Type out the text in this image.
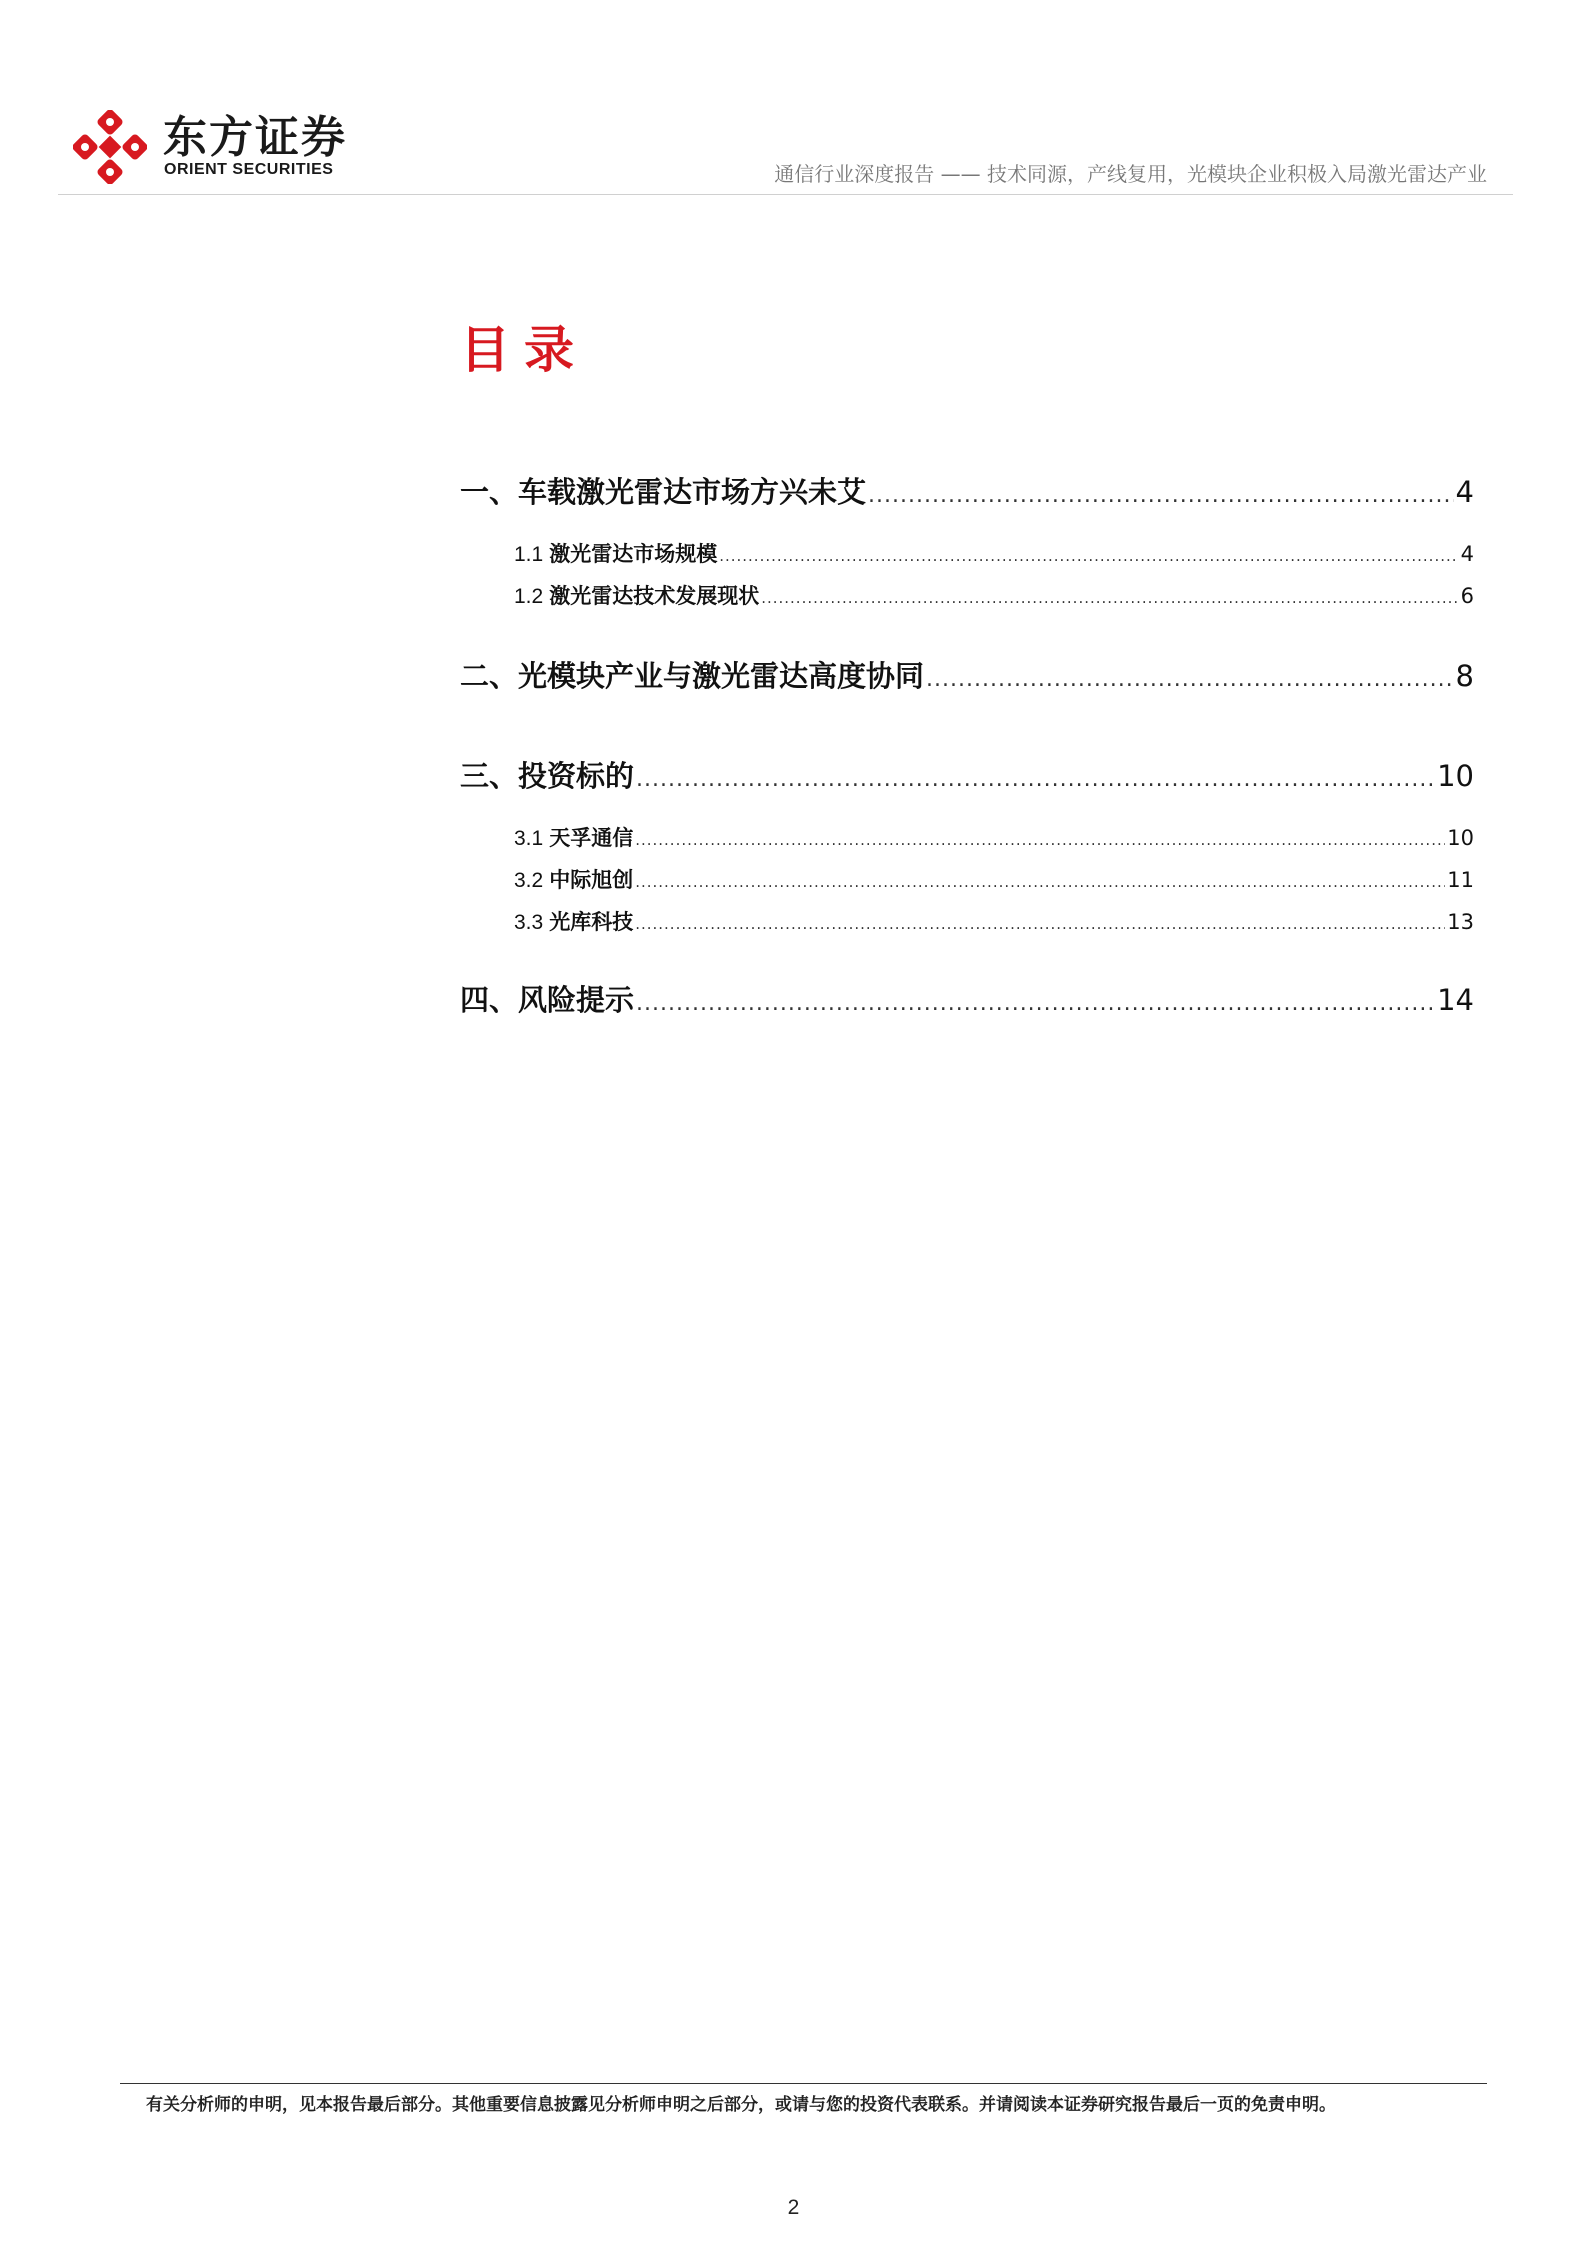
东方证券
ORIENT SECURITIES	通信行业深度报告 —— 技术同源，产线复用，光模块企业积极入局激光雷达产业
目录
一、车载激光雷达市场方兴未艾 .....	4
1.1 激光雷达市场规模 .....	4
1.2 激光雷达技术发展现状 .....	6
二、光模块产业与激光雷达高度协同 .....	8
三、投资标的 .....	10
3.1 天孚通信 .....	10
3.2 中际旭创 .....	11
3.3 光库科技 .....	13
四、风险提示 .....	14
有关分析师的申明，见本报告最后部分。其他重要信息披露见分析师申明之后部分，或请与您的投资代表联系。并请阅读本证券研究报告最后一页的免责申明。
2
